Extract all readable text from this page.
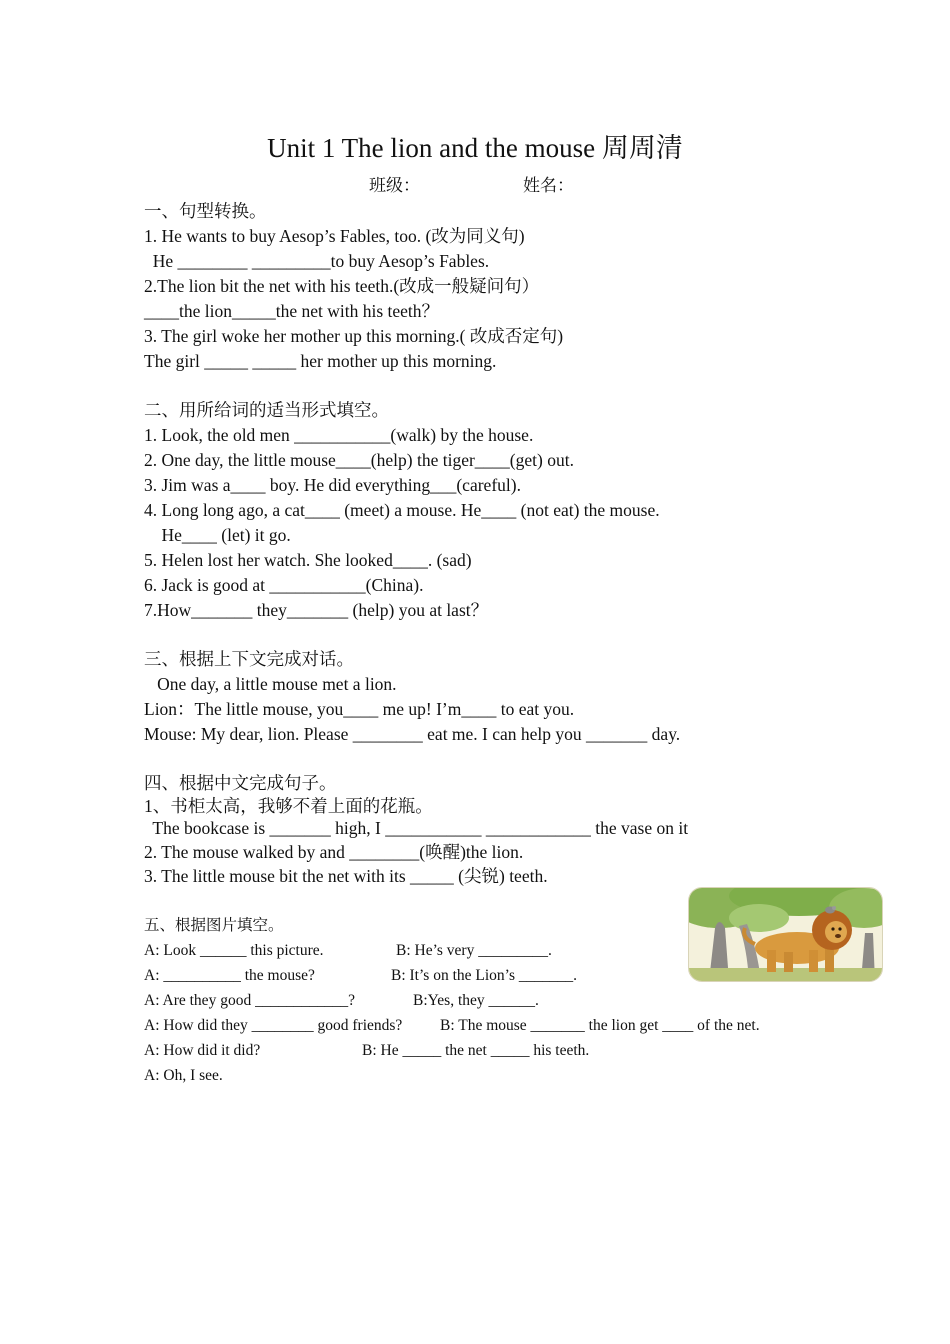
Unit 1 The lion and the mouse 周周清
班级：	姓名：
一、句型转换。
1. He wants to buy Aesop’s Fables, too. (改为同义句)
He ________ _________to buy Aesop’s Fables.
2.The lion bit the net with his teeth.(改成一般疑问句）
____the lion_____the net with his teeth？
3. The girl woke her mother up this morning.( 改成否定句)
The girl _____ _____ her mother up this morning.
二、用所给词的适当形式填空。
1. Look, the old men ___________(walk) by the house.
2. One day, the little mouse____(help) the tiger____(get) out.
3. Jim was a____ boy. He did everything___(careful).
4. Long long ago, a cat____ (meet) a mouse. He____ (not eat) the mouse.
He____ (let) it go.
5. Helen lost her watch. She looked____. (sad)
6. Jack is good at ___________(China).
7.How_______ they_______ (help) you at last？
三、根据上下文完成对话。
One day, a little mouse met a lion.
Lion：The little mouse, you____ me up! I’m____ to eat you.
Mouse: My dear, lion. Please ________ eat me. I can help you _______ day.
四、根据中文完成句子。
1、书柜太高，我够不着上面的花瓶。
The bookcase is _______ high, I ___________ ____________ the vase on it
2. The mouse walked by and ________(唤醒)the lion.
3. The little mouse bit the net with its _____ (尖锐) teeth.
五、根据图片填空。
A: Look ______ this picture.	B: He’s very _________.
A: __________ the mouse?	B: It’s on the Lion’s _______.
A: Are they good ____________?	B:Yes, they ______.
A: How did they ________ good friends? B: The mouse _______ the lion get ____ of the net.
A: How did it did?	B: He _____ the net _____ his teeth.
A: Oh, I see.
